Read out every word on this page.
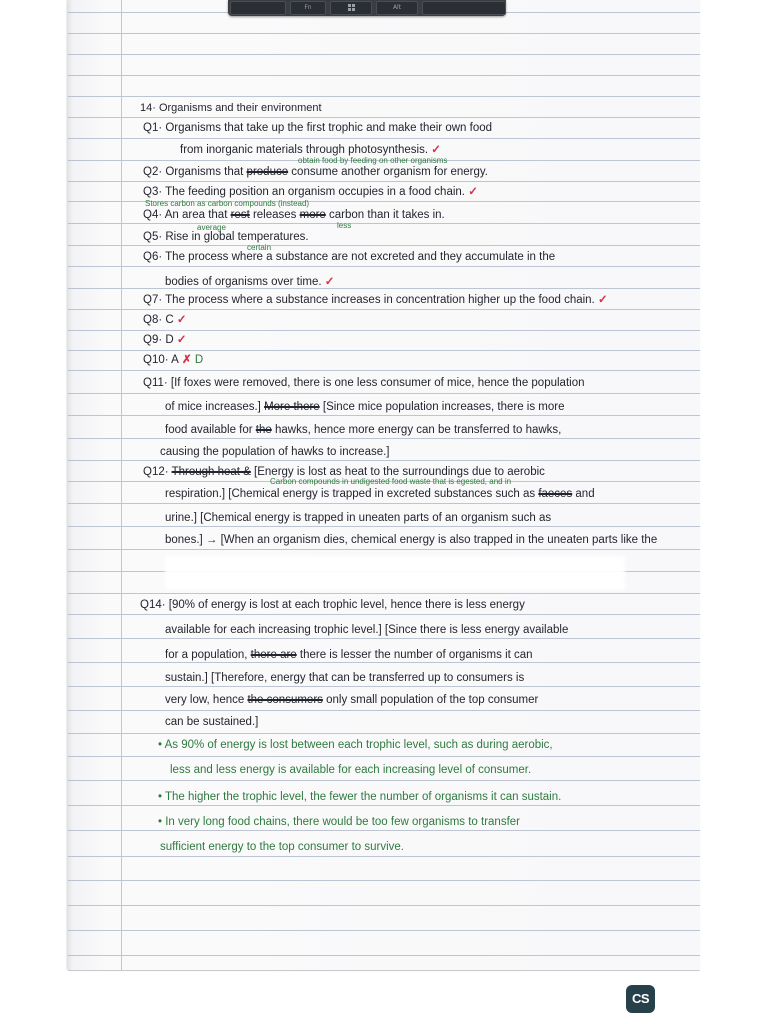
14· Organisms and their environment
Q1· Organisms that take up the first trophic and make their own food
from inorganic materials through photosynthesis. ✓
obtain food by feeding on other organisms
Q2· Organisms that produce consume another organism for energy.
Q3· The feeding position an organism occupies in a food chain. ✓
Stores carbon as carbon compounds (instead)
Q4· An area that rest releases more carbon than it takes in.
average	less
Q5· Rise in global temperatures.
certain
Q6· The process where a substance are not excreted and they accumulate in the
bodies of organisms over time. ✓
Q7· The process where a substance increases in concentration higher up the food chain. ✓
Q8· C ✓
Q9· D ✓
Q10· A ✗ D
Q11· [If foxes were removed, there is one less consumer of mice, hence the population
of mice increases.] More there [Since mice population increases, there is more
food available for the hawks, hence more energy can be transferred to hawks,
causing the population of hawks to increase.]
Q12· Through heat & [Energy is lost as heat to the surroundings due to aerobic
Carbon compounds in undigested food waste that is egested, and in
respiration.] [Chemical energy is trapped in excreted substances such as faeces and
urine.] [Chemical energy is trapped in uneaten parts of an organism such as
bones.] → [When an organism dies, chemical energy is also trapped in the uneaten parts like the
Q14· [90% of energy is lost at each trophic level, hence there is less energy
available for each increasing trophic level.] [Since there is less energy available
for a population, there are there is lesser the number of organisms it can
sustain.] [Therefore, energy that can be transferred up to consumers is
very low, hence the consumers only small population of the top consumer
can be sustained.]
• As 90% of energy is lost between each trophic level, such as during aerobic,
less and less energy is available for each increasing level of consumer.
• The higher the trophic level, the fewer the number of organisms it can sustain.
• In very long food chains, there would be too few organisms to transfer
sufficient energy to the top consumer to survive.
Fn	Alt
CS
